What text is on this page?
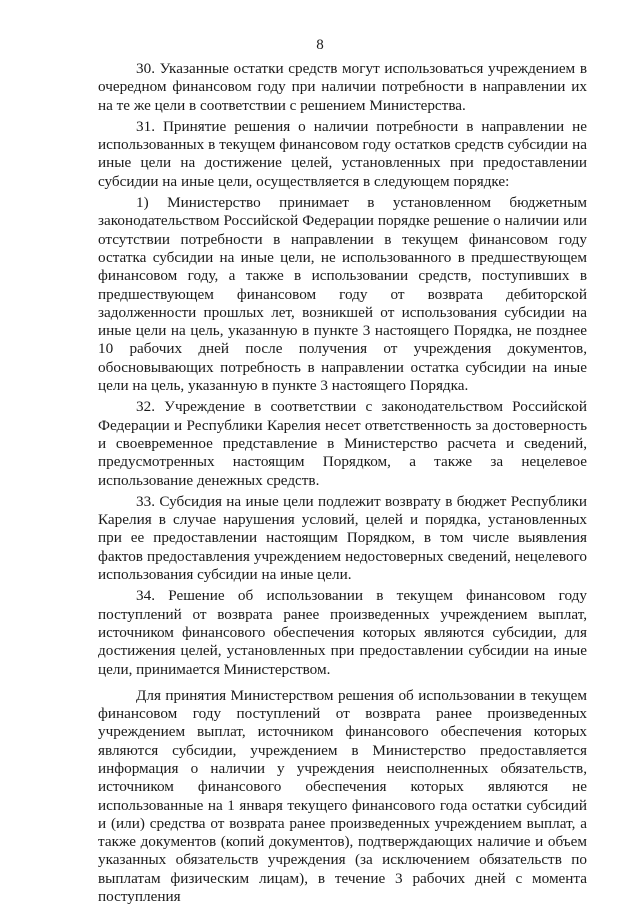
8

30. Указанные остатки средств могут использоваться учреждением в очередном финансовом году при наличии потребности в направлении их на те же цели в соответствии с решением Министерства.

31. Принятие решения о наличии потребности в направлении не использованных в текущем финансовом году остатков средств субсидии на иные цели на достижение целей, установленных при предоставлении субсидии на иные цели, осуществляется в следующем порядке:

1) Министерство принимает в установленном бюджетным законодательством Российской Федерации порядке решение о наличии или отсутствии потребности в направлении в текущем финансовом году остатка субсидии на иные цели, не использованного в предшествующем финансовом году, а также в использовании средств, поступивших в предшествующем финансовом году от возврата дебиторской задолженности прошлых лет, возникшей от использования субсидии на иные цели на цель, указанную в пункте 3 настоящего Порядка, не позднее 10 рабочих дней после получения от учреждения документов, обосновывающих потребность в направлении остатка субсидии на иные цели на цель, указанную в пункте 3 настоящего Порядка.

32. Учреждение в соответствии с законодательством Российской Федерации и Республики Карелия несет ответственность за достоверность и своевременное представление в Министерство расчета и сведений, предусмотренных настоящим Порядком, а также за нецелевое использование денежных средств.

33. Субсидия на иные цели подлежит возврату в бюджет Республики Карелия в случае нарушения условий, целей и порядка, установленных при ее предоставлении настоящим Порядком, в том числе выявления фактов предоставления учреждением недостоверных сведений, нецелевого использования субсидии на иные цели.

34. Решение об использовании в текущем финансовом году поступлений от возврата ранее произведенных учреждением выплат, источником финансового обеспечения которых являются субсидии, для достижения целей, установленных при предоставлении субсидии на иные цели, принимается Министерством.

Для принятия Министерством решения об использовании в текущем финансовом году поступлений от возврата ранее произведенных учреждением выплат, источником финансового обеспечения которых являются субсидии, учреждением в Министерство предоставляется информация о наличии у учреждения неисполненных обязательств, источником финансового обеспечения которых являются не использованные на 1 января текущего финансового года остатки субсидий и (или) средства от возврата ранее произведенных учреждением выплат, а также документов (копий документов), подтверждающих наличие и объем указанных обязательств учреждения (за исключением обязательств по выплатам физическим лицам), в течение 3 рабочих дней с момента поступления
